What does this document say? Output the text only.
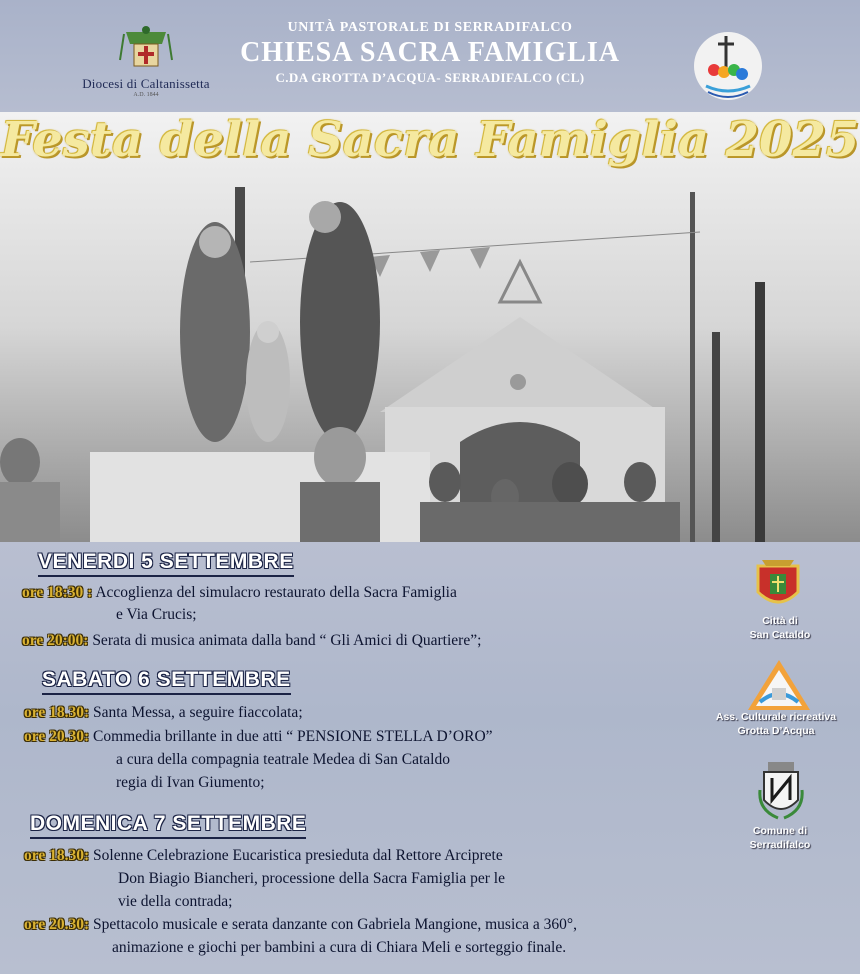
Diocesi di Caltanissetta
A.D. 1844
UNITÀ PASTORALE DI SERRADIFALCO
CHIESA SACRA FAMIGLIA
C.DA GROTTA D’ACQUA- SERRADIFALCO (CL)
Festa della Sacra Famiglia 2025
VENERDI 5 SETTEMBRE
ore 18:30 : Accoglienza del simulacro restaurato della Sacra Famiglia
e Via Crucis;
ore 20:00: Serata di musica animata dalla band “ Gli Amici di Quartiere”;
SABATO 6 SETTEMBRE
ore 18.30: Santa Messa, a seguire fiaccolata;
ore 20.30: Commedia brillante in due atti “ PENSIONE STELLA D’ORO”
a cura della compagnia teatrale Medea di San Cataldo
regia di Ivan Giumento;
DOMENICA 7 SETTEMBRE
ore 18.30: Solenne Celebrazione Eucaristica presieduta dal Rettore Arciprete
Don Biagio Biancheri, processione della Sacra Famiglia per le
vie della contrada;
ore 20.30: Spettacolo musicale e serata danzante con Gabriela Mangione, musica a 360°,
animazione e giochi per bambini a cura di Chiara Meli e sorteggio finale.
Città di
San Cataldo
Ass. Culturale ricreativa
Grotta D’Acqua
Comune di
Serradifalco
